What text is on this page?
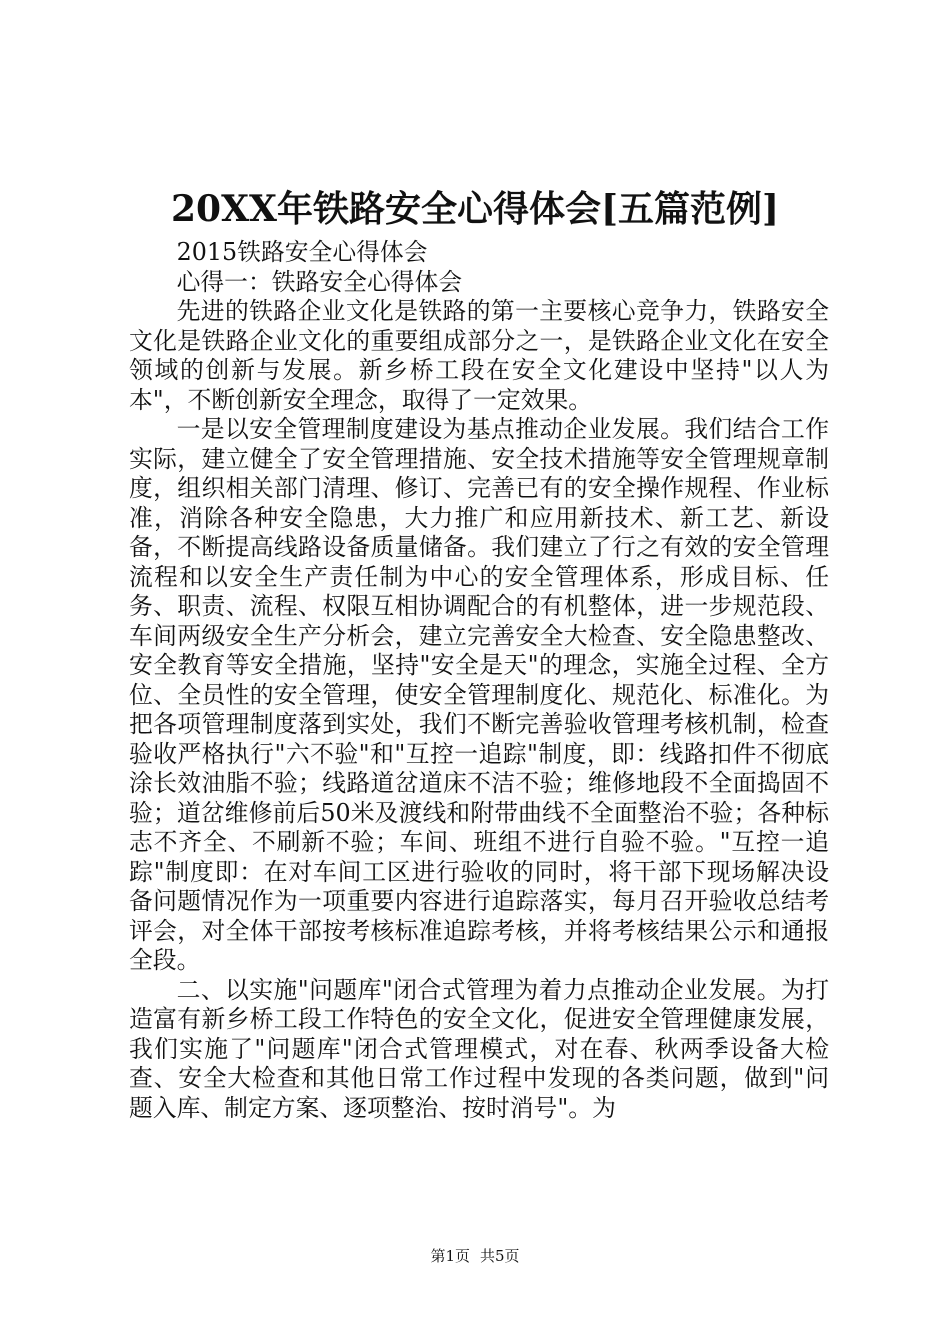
20XX年铁路安全心得体会[五篇范例]

2015铁路安全心得体会

心得一：铁路安全心得体会

先进的铁路企业文化是铁路的第一主要核心竞争力，铁路安全文化是铁路企业文化的重要组成部分之一，是铁路企业文化在安全领域的创新与发展。新乡桥工段在安全文化建设中坚持"以人为本"，不断创新安全理念，取得了一定效果。

一是以安全管理制度建设为基点推动企业发展。我们结合工作实际，建立健全了安全管理措施、安全技术措施等安全管理规章制度，组织相关部门清理、修订、完善已有的安全操作规程、作业标准，消除各种安全隐患，大力推广和应用新技术、新工艺、新设备，不断提高线路设备质量储备。我们建立了行之有效的安全管理流程和以安全生产责任制为中心的安全管理体系，形成目标、任务、职责、流程、权限互相协调配合的有机整体，进一步规范段、车间两级安全生产分析会，建立完善安全大检查、安全隐患整改、安全教育等安全措施，坚持"安全是天"的理念，实施全过程、全方位、全员性的安全管理，使安全管理制度化、规范化、标准化。为把各项管理制度落到实处，我们不断完善验收管理考核机制，检查验收严格执行"六不验"和"互控一追踪"制度，即：线路扣件不彻底涂长效油脂不验；线路道岔道床不洁不验；维修地段不全面捣固不验；道岔维修前后50米及渡线和附带曲线不全面整治不验；各种标志不齐全、不刷新不验；车间、班组不进行自验不验。"互控一追踪"制度即：在对车间工区进行验收的同时，将干部下现场解决设备问题情况作为一项重要内容进行追踪落实，每月召开验收总结考评会，对全体干部按考核标准追踪考核，并将考核结果公示和通报全段。

二、以实施"问题库"闭合式管理为着力点推动企业发展。为打造富有新乡桥工段工作特色的安全文化，促进安全管理健康发展，我们实施了"问题库"闭合式管理模式，对在春、秋两季设备大检查、安全大检查和其他日常工作过程中发现的各类问题，做到"问题入库、制定方案、逐项整治、按时消号"。为

第1页 共5页
